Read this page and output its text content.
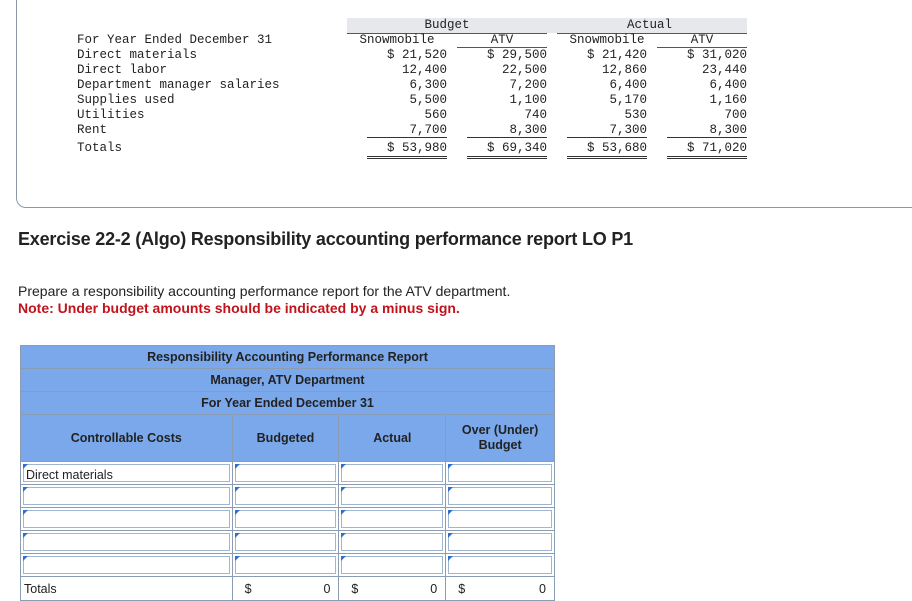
Budget	Actual
For Year Ended December 31	Snowmobile	ATV	Snowmobile	ATV
Direct materials	$ 21,520	$ 29,500	$ 21,420	$ 31,020
Direct labor	12,400	22,500	12,860	23,440
Department manager salaries	6,300	7,200	6,400	6,400
Supplies used	5,500	1,100	5,170	1,160
Utilities	560	740	530	700
Rent	7,700	8,300	7,300	8,300
Totals	$ 53,980	$ 69,340	$ 53,680	$ 71,020
Exercise 22-2 (Algo) Responsibility accounting performance report LO P1
Prepare a responsibility accounting performance report for the ATV department.
Note: Under budget amounts should be indicated by a minus sign.
Responsibility Accounting Performance Report			
Manager, ATV Department			
For Year Ended December 31			
Controllable Costs	Budgeted	Actual	Over (Under)
Budget

Direct materials			

Totals	$ 0	$ 0	$ 0
